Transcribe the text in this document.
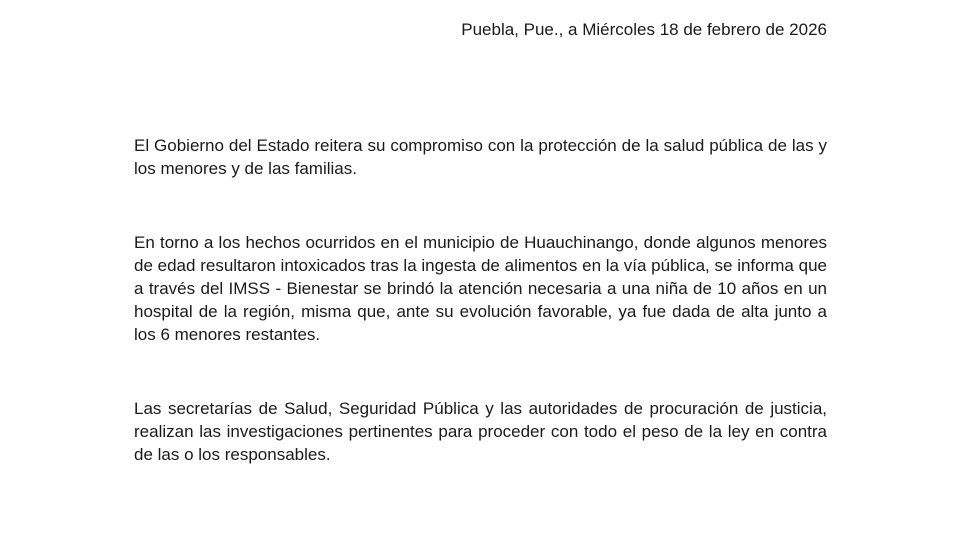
Puebla, Pue., a Miércoles 18 de febrero de 2026

El Gobierno del Estado reitera su compromiso con la protección de la salud pública de las y los menores y de las familias.

En torno a los hechos ocurridos en el municipio de Huauchinango, donde algunos menores de edad resultaron intoxicados tras la ingesta de alimentos en la vía pública, se informa que a través del IMSS - Bienestar se brindó la atención necesaria a una niña de 10 años en un hospital de la región, misma que, ante su evolución favorable, ya fue dada de alta junto a los 6 menores restantes.

Las secretarías de Salud, Seguridad Pública y las autoridades de procuración de justicia, realizan las investigaciones pertinentes para proceder con todo el peso de la ley en contra de las o los responsables.
